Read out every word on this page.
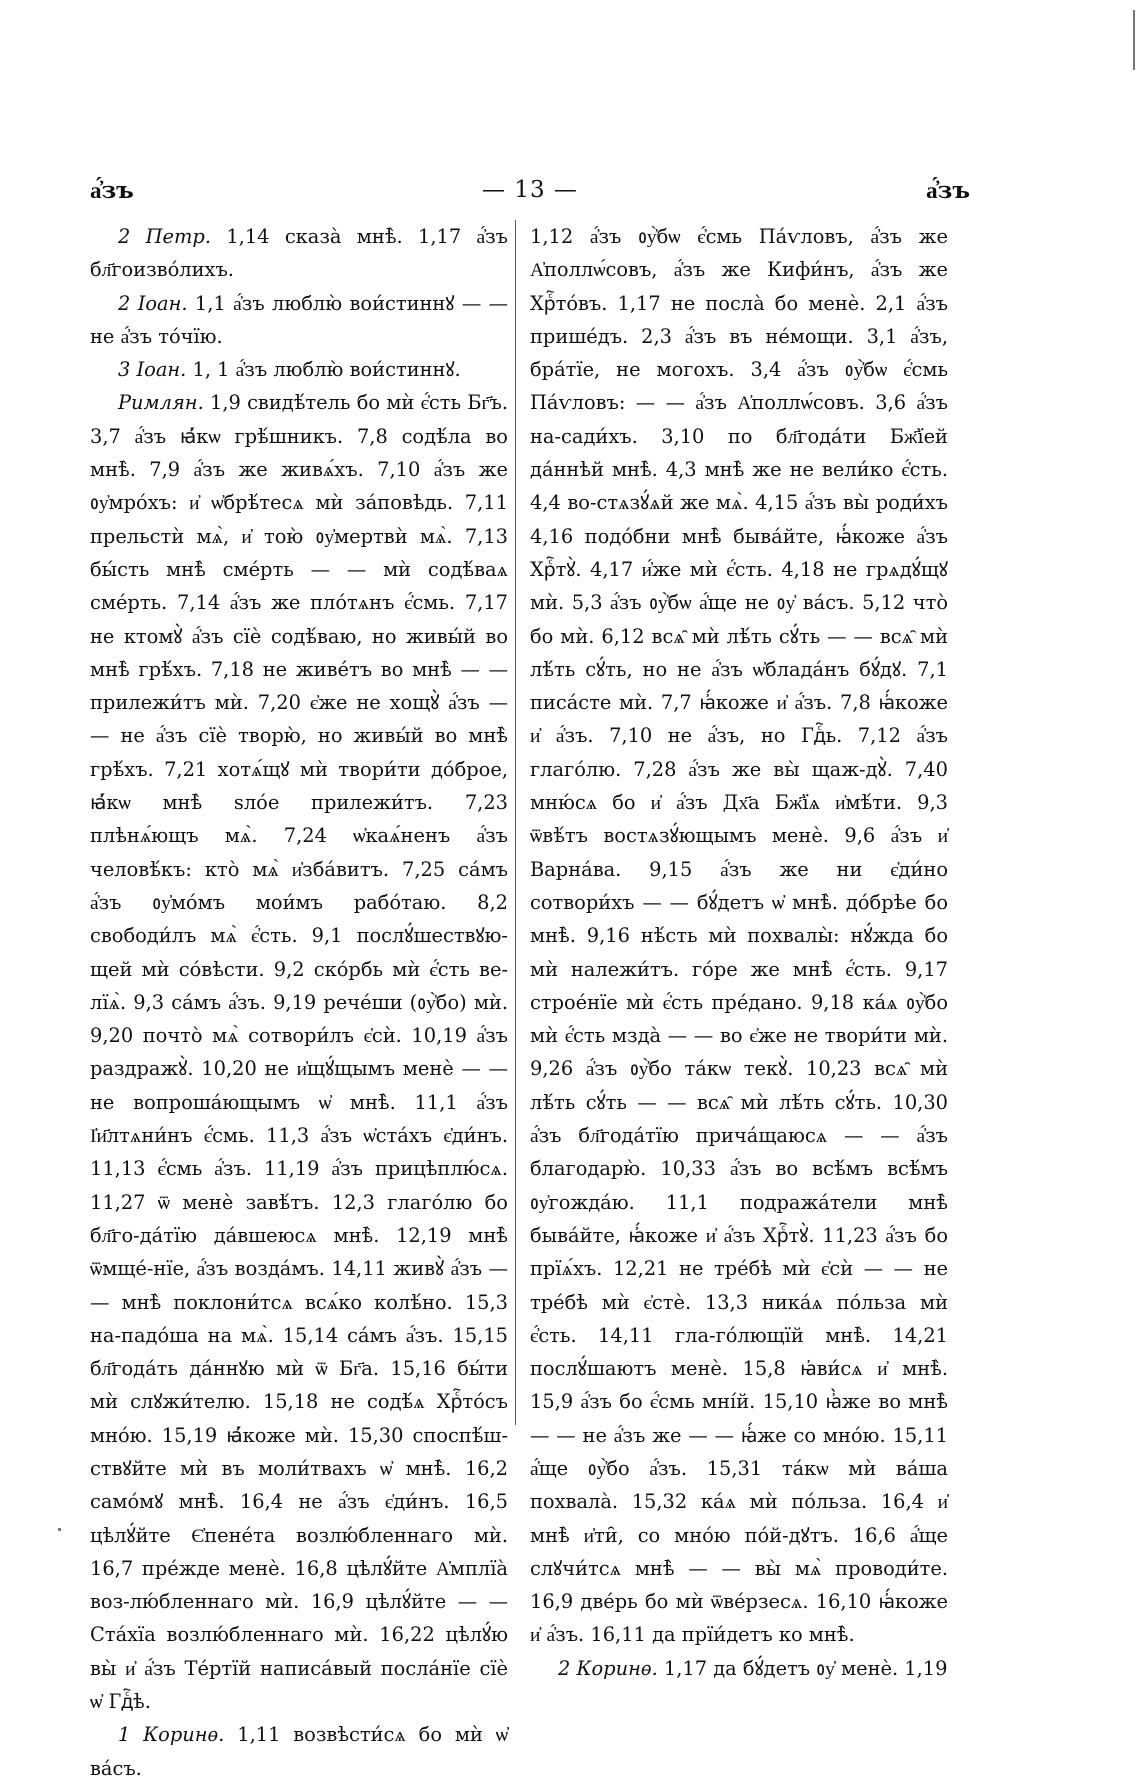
а҆́зъ	— 13 —	а҆́зъ

2 Петр. 1,14 сказа̀ мнѣ̀. 1,17 а҆́зъ бл҃гоизво́лихъ.

2 Іоан. 1,1 а҆́зъ люблю̀ вои́стиннꙋ — — не а҆́зъ то́чїю.

3 Іоан. 1, 1 а҆́зъ люблю̀ вои́стиннꙋ.

Римлян. 1,9 свидѣ́тель бо мѝ є҆́сть Бг҃ъ. 3,7 а҆́зъ ꙗ҆́кѡ грѣ́шникъ. 7,8 содѣ́ла во мнѣ̀. 7,9 а҆́зъ же живѧ́хъ. 7,10 а҆́зъ же ᲂу҆мро́хъ: и҆ ѡ҆брѣ́тесѧ мѝ за́повѣдь. 7,11 прельстѝ мѧ̀, и҆ тою̀ ᲂу҆мертвѝ мѧ̀. 7,13 бы́сть мнѣ̀ сме́рть — — мѝ содѣ́ваѧ сме́рть. 7,14 а҆́зъ же пло́тѧнъ є҆́смь. 7,17 не ктомꙋ̀ а҆́зъ сїѐ содѣ́ваю, но живы́й во мнѣ̀ грѣ́хъ. 7,18 не живе́тъ во мнѣ̀ — — прилежи́тъ мѝ. 7,20 є҆же не хощꙋ̀ а҆́зъ — — не а҆́зъ сїѐ творю̀, но живы́й во мнѣ̀ грѣ́хъ. 7,21 хотѧ́щꙋ мѝ твори́ти до́брое, ꙗ҆́кѡ мнѣ̀ ѕло́е прилежи́тъ. 7,23 плѣнѧ́ющъ мѧ̀. 7,24 ѡ҆каѧ́ненъ а҆́зъ человѣ́къ: кто̀ мѧ̀ и҆зба́витъ. 7,25 са́мъ а҆́зъ ᲂу҆мо́мъ мои́мъ рабо́таю. 8,2 свободи́лъ мѧ̀ є҆́сть. 9,1 послꙋ́шествꙋю-щей мѝ со́вѣсти. 9,2 ско́рбь мѝ є҆́сть ве-лїѧ̀. 9,3 са́мъ а҆́зъ. 9,19 рече́ши (ᲂу҆̀бо) мѝ. 9,20 почто̀ мѧ̀ сотвори́лъ є҆сѝ. 10,19 а҆́зъ раздражꙋ̀. 10,20 не и҆щꙋ́щымъ менѐ — — не вопроша́ющымъ ѡ҆ мнѣ̀. 11,1 а҆́зъ І҆и҃лтѧни́нъ є҆́смь. 11,3 а҆́зъ ѡ҆ста́хъ є҆ди́нъ. 11,13 є҆́смь а҆́зъ. 11,19 а҆́зъ прицѣплю́сѧ. 11,27 ѿ менѐ завѣ́тъ. 12,3 глаго́лю бо бл҃го-да́тїю да́вшеюсѧ мнѣ̀. 12,19 мнѣ̀ ѿмще́-нїе, а҆́зъ возда́мъ. 14,11 живꙋ̀ а҆́зъ — — мнѣ̀ поклони́тсѧ всѧ́ко колѣ́но. 15,3 на-падо́ша на мѧ̀. 15,14 са́мъ а҆́зъ. 15,15 бл҃года́ть да́ннꙋю мѝ ѿ Бг҃а. 15,16 бы́ти мѝ слꙋжи́телю. 15,18 не содѣ́ѧ Хрⷭ҇то́съ мно́ю. 15,19 ꙗ҆́коже мѝ. 15,30 споспѣ́ш-ствꙋйте мѝ въ моли́твахъ ѡ҆ мнѣ̀. 16,2 само́мꙋ мнѣ̀. 16,4 не а҆́зъ є҆ди́нъ. 16,5 цѣлꙋ́йте Є҆пене́та возлю́бленнаго мѝ. 16,7 пре́жде менѐ. 16,8 цѣлꙋ́йте А҆мплїа̀ воз-лю́бленнаго мѝ. 16,9 цѣлꙋ́йте — — Ста́хїа возлю́бленнаго мѝ. 16,22 цѣлꙋ́ю вы̀ и҆ а҆́зъ Те́ртїй написа́вый посла́нїе сїѐ ѡ҆ Гдⷭ҇ѣ.

1 Коринѳ. 1,11 возвѣсти́сѧ бо мѝ ѡ҆ ва́съ.

1,12 а҆́зъ ᲂу҆̀бѡ є҆́смь Па́ѵловъ, а҆́зъ же А҆поллѡ́совъ, а҆́зъ же Кифи́нъ, а҆́зъ же Хрⷭ҇то́въ. 1,17 не посла̀ бо менѐ. 2,1 а҆́зъ прише́дъ. 2,3 а҆́зъ въ не́мощи. 3,1 а҆́зъ, бра́тїе, не могохъ. 3,4 а҆́зъ ᲂу҆̀бѡ є҆́смь Па́ѵловъ: — — а҆́зъ А҆поллѡ́совъ. 3,6 а҆́зъ на-сади́хъ. 3,10 по бл҃года́ти Бж҃їей да́ннѣй мнѣ̀. 4,3 мнѣ̀ же не вели́ко є҆́сть. 4,4 во-стѧзꙋ́ѧй же мѧ̀. 4,15 а҆́зъ вы̀ роди́хъ 4,16 подо́бни мнѣ̀ быва́йте, ꙗ҆́коже а҆́зъ Хрⷭ҇тꙋ̀. 4,17 и҆́же мѝ є҆́сть. 4,18 не грѧдꙋ́щꙋ мѝ. 5,3 а҆́зъ ᲂу҆̀бѡ а҆́ще не ᲂу҆ ва́съ. 5,12 что̀ бо мѝ. 6,12 всѧ̑ мѝ лѣ́ть сꙋ́ть — — всѧ̑ мѝ лѣ́ть сꙋ́ть, но не а҆́зъ ѡ҆блада́нъ бꙋ́дꙋ. 7,1 писа́сте мѝ. 7,7 ꙗ҆́коже и҆ а҆́зъ. 7,8 ꙗ҆́коже и҆ а҆́зъ. 7,10 не а҆́зъ, но Гдⷭ҇ь. 7,12 а҆́зъ глаго́лю. 7,28 а҆́зъ же вы̀ щаж-дꙋ̀. 7,40 мню́сѧ бо и҆ а҆́зъ Дх҃а Бж҃їѧ и҆мѣ́ти. 9,3 ѿвѣ́тъ востѧзꙋ́ющымъ менѐ. 9,6 а҆́зъ и҆ Варна́ва. 9,15 а҆́зъ же ни є҆ди́но сотвори́хъ — — бꙋ́детъ ѡ҆ мнѣ̀. до́брѣе бо мнѣ̀. 9,16 нѣ́сть мѝ похвалы̀: нꙋ́жда бо мѝ належи́тъ. го́ре же мнѣ̀ є҆́сть. 9,17 строе́нїе мѝ є҆́сть пре́дано. 9,18 ка́ѧ ᲂу҆̀бо мѝ є҆́сть мзда̀ — — во є҆же не твори́ти мѝ. 9,26 а҆́зъ ᲂу҆̀бо та́кѡ текꙋ̀. 10,23 всѧ̑ мѝ лѣ́ть сꙋ́ть — — всѧ̑ мѝ лѣ́ть сꙋ́ть. 10,30 а҆́зъ бл҃года́тїю прича́щаюсѧ — — а҆́зъ благодарю̀. 10,33 а҆́зъ во всѣ́мъ всѣ́мъ ᲂу҆гожда́ю. 11,1 подража́тели мнѣ̀ быва́йте, ꙗ҆́коже и҆ а҆́зъ Хрⷭ҇тꙋ̀. 11,23 а҆́зъ бо прїѧ́хъ. 12,21 не тре́бѣ мѝ є҆сѝ — — не тре́бѣ мѝ є҆стѐ. 13,3 ника́ѧ по́льза мѝ є҆́сть. 14,11 гла-го́лющїй мнѣ̀. 14,21 послꙋ́шаютъ менѐ. 15,8 ꙗ҆ви́сѧ и҆ мнѣ̀. 15,9 а҆́зъ бо є҆́смь мні́й. 15,10 ꙗ҆̀же во мнѣ̀ — — не а҆́зъ же — — ꙗ҆́же со мно́ю. 15,11 а҆́ще ᲂу҆̀бо а҆́зъ. 15,31 та́кѡ мѝ ва́ша похвала̀. 15,32 ка́ѧ мѝ по́льза. 16,4 и҆ мнѣ̀ и҆ти̑, со мно́ю по́й-дꙋтъ. 16,6 а҆́ще слꙋчи́тсѧ мнѣ̀ — — вы̀ мѧ̀ проводи́те. 16,9 две́рь бо мѝ ѿве́рзесѧ. 16,10 ꙗ҆́коже и҆ а҆́зъ. 16,11 да прїи́детъ ко мнѣ̀.

2 Коринѳ. 1,17 да бꙋ́детъ ᲂу҆ менѐ. 1,19
